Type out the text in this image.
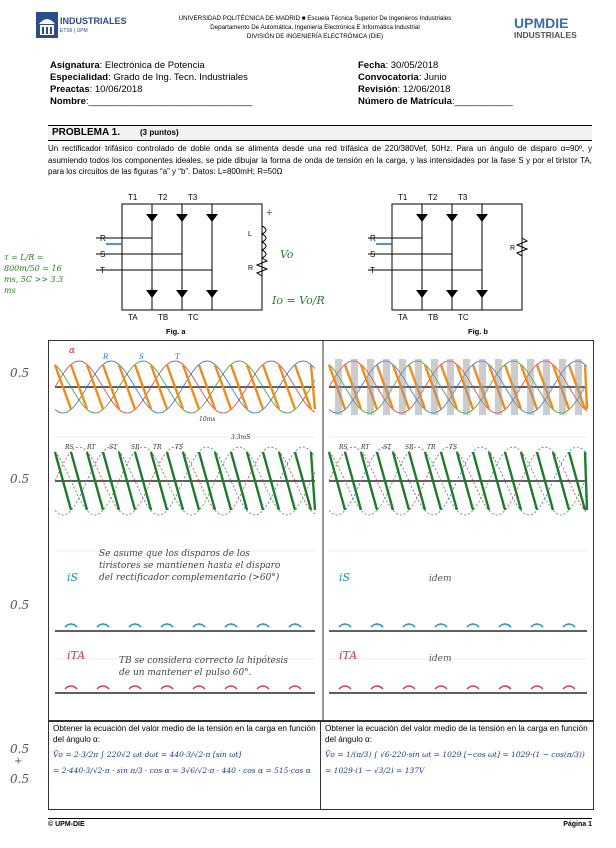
INDUSTRIALES
ETSII | UPM
UNIVERSIDAD POLITÉCNICA DE MADRID ■ Escuela Técnica Superior De Ingenieros Industriales
Departamento De Automática, Ingeniería Electrónica E Informática Industrial
DIVISIÓN DE INGENIERÍA ELECTRÓNICA (DIE)
UPMDIE
INDUSTRIALES
Asignatura: Electrónica de Potencia
Especialidad: Grado de Ing. Tecn. Industriales
Preactas: 10/06/2018
Nombre:_______________________________
Fecha: 30/05/2018
Convocatoria: Junio
Revisión: 12/06/2018
Número de Matrícula:___________
PROBLEMA 1.	(3 puntos)
Un rectificador trifásico controlado de doble onda se alimenta desde una red trifásica de 220/380Vef, 50Hz. Para un ángulo de disparo α=90º, y asumiendo todos los componentes ideales, se pide dibujar la forma de onda de tensión en la carga, y las intensidades por la fase S y por el tiristor TA, para los circuitos de las figuras “a” y “b”. Datos: L=800mH; R=50Ω
T1	T2	T3
TA	TB TC
R
S
T
L
R
Vo
Io = Vo/R
+
T1	T2	T3
TA	TB TC
R
S
T
R
Fig. a	Fig. b
τ = L/R = 800m/50 = 16 ms, 5C >> 3.3 ms
α
R	S	T
10ms
3.3mS
RS	RS
RT	RT
ST	ST
SR	SR
TR	TR
TS	TS
iS	iS
iTA	iTA
idem
idem
Se asume que los disparos de los
tiristores se mantienen hasta el disparo
del rectificador complementario (>60°)
TB se considera correcto la hipótesis
de un mantener el pulso 60°.
0.5
0.5
0.5
0.5
+
0.5
Obtener la ecuación del valor medio de la tensión en la carga en función del ángulo α:
V̄o = 2·3/2π ∫ 220√2 ωt dωt = 440·3/√2·π [sin ωt]
= 2·440·3/√2·π · sin π/3 · cos α = 3√6/√2·π · 440 · cos α = 515·cos α
Obtener la ecuación del valor medio de la tensión en la carga en función del ángulo α:
V̄o = 1/(π/3) ∫ √6·220·sin ωt = 1029 [−cos ωt] = 1029·(1 − cos(π/3))
= 1029·(1 − √3/2) = 137V
© UPM-DIE	Página 1
